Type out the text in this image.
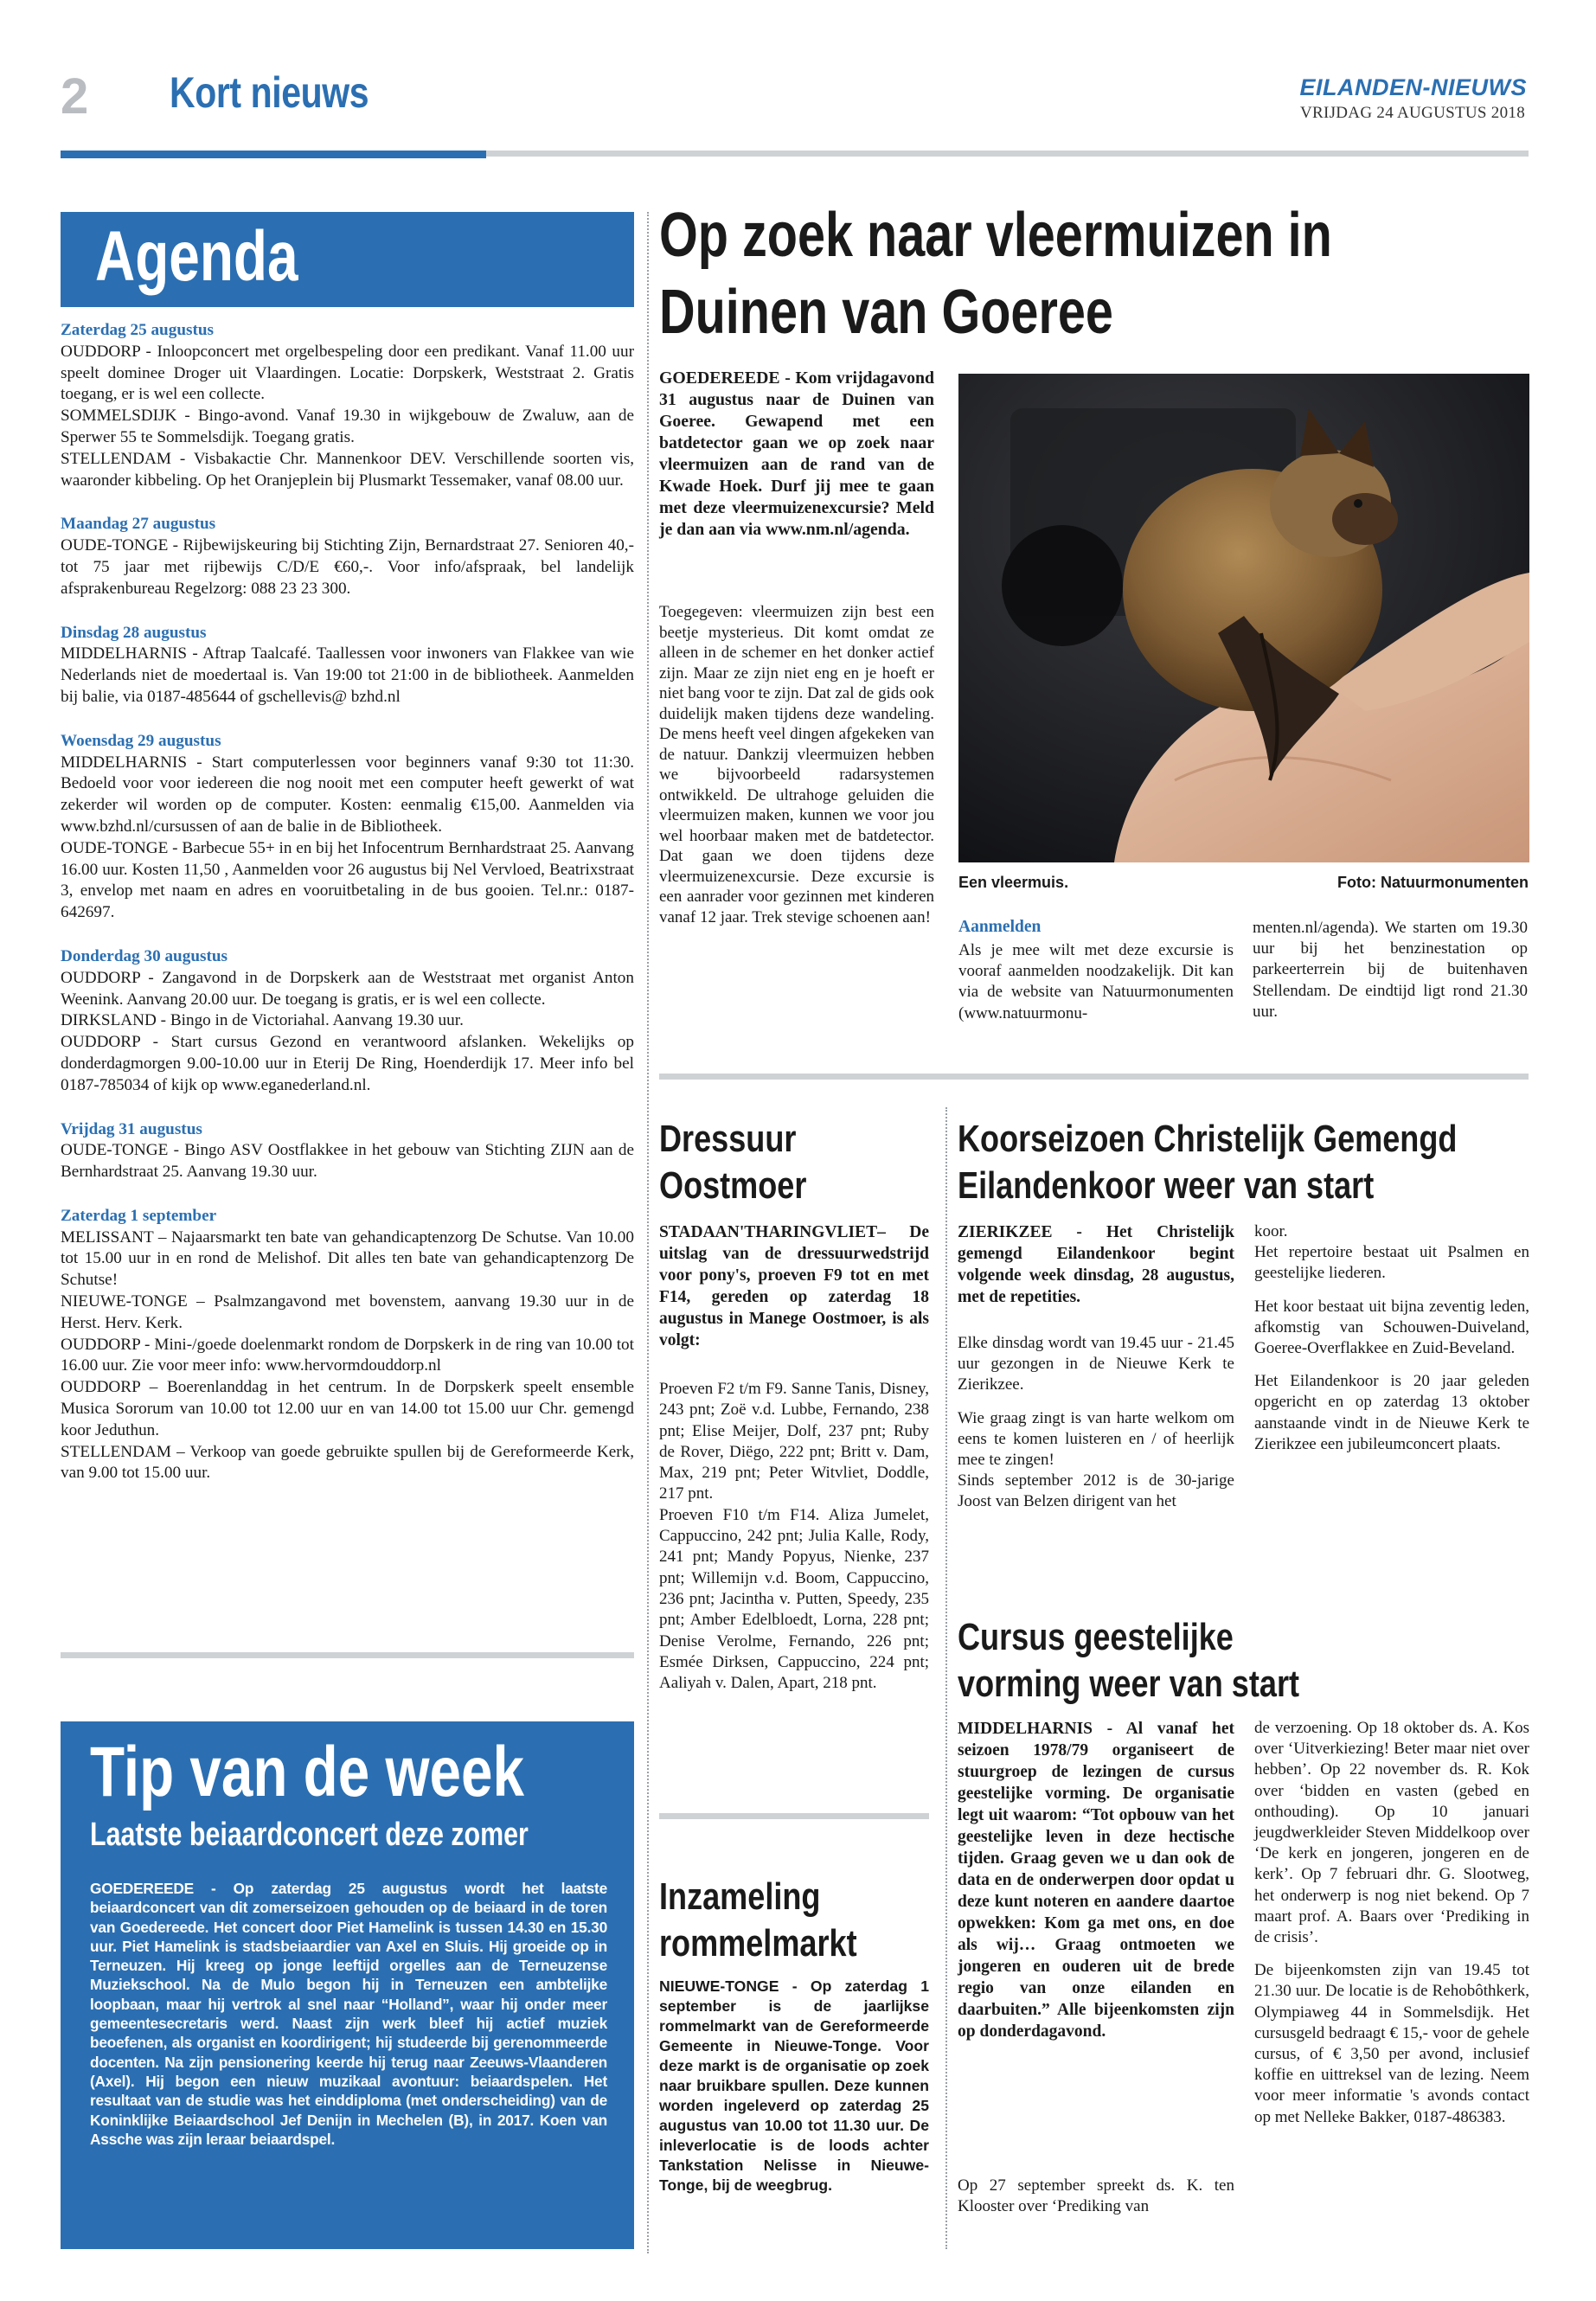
2 Kort nieuws	EILANDEN-NIEUWS
VRIJDAG 24 AUGUSTUS 2018
Agenda
Zaterdag 25 augustus
OUDDORP - Inloopconcert met orgelbespeling door een predikant. Vanaf 11.00 uur speelt dominee Droger uit Vlaardingen. Locatie: Dorpskerk, Weststraat 2. Gratis toegang, er is wel een collecte.
SOMMELSDIJK - Bingo-avond. Vanaf 19.30 in wijkgebouw de Zwaluw, aan de Sperwer 55 te Sommelsdijk. Toegang gratis.
STELLENDAM - Visbakactie Chr. Mannenkoor DEV. Verschillende soorten vis, waaronder kibbeling. Op het Oranjeplein bij Plusmarkt Tessemaker, vanaf 08.00 uur.
Maandag 27 augustus
OUDE-TONGE - Rijbewijskeuring bij Stichting Zijn, Bernardstraat 27. Senioren 40,- tot 75 jaar met rijbewijs C/D/E €60,-. Voor info/afspraak, bel landelijk afsprakenbureau Regelzorg: 088 23 23 300.
Dinsdag 28 augustus
MIDDELHARNIS - Aftrap Taalcafé. Taallessen voor inwoners van Flakkee van wie Nederlands niet de moedertaal is. Van 19:00 tot 21:00 in de bibliotheek. Aanmelden bij balie, via 0187-485644 of gschellevis@ bzhd.nl
Woensdag 29 augustus
MIDDELHARNIS - Start computerlessen voor beginners vanaf 9:30 tot 11:30. Bedoeld voor voor iedereen die nog nooit met een computer heeft gewerkt of wat zekerder wil worden op de computer. Kosten: eenmalig €15,00. Aanmelden via www.bzhd.nl/cursussen of aan de balie in de Bibliotheek.
OUDE-TONGE - Barbecue 55+ in en bij het Infocentrum Bernhardstraat 25. Aanvang 16.00 uur. Kosten 11,50 , Aanmelden voor 26 augustus bij Nel Vervloed, Beatrixstraat 3, envelop met naam en adres en vooruitbetaling in de bus gooien. Tel.nr.: 0187-642697.
Donderdag 30 augustus
OUDDORP - Zangavond in de Dorpskerk aan de Weststraat met organist Anton Weenink. Aanvang 20.00 uur. De toegang is gratis, er is wel een collecte.
DIRKSLAND - Bingo in de Victoriahal. Aanvang 19.30 uur.
OUDDORP - Start cursus Gezond en verantwoord afslanken. Wekelijks op donderdagmorgen 9.00-10.00 uur in Eterij De Ring, Hoenderdijk 17. Meer info bel 0187-785034 of kijk op www.eganederland.nl.
Vrijdag 31 augustus
OUDE-TONGE - Bingo ASV Oostflakkee in het gebouw van Stichting ZIJN aan de Bernhardstraat 25. Aanvang 19.30 uur.
Zaterdag 1 september
MELISSANT – Najaarsmarkt ten bate van gehandicaptenzorg De Schutse. Van 10.00 tot 15.00 uur in en rond de Melishof. Dit alles ten bate van gehandicaptenzorg De Schutse!
NIEUWE-TONGE – Psalmzangavond met bovenstem, aanvang 19.30 uur in de Herst. Herv. Kerk.
OUDDORP - Mini-/goede doelenmarkt rondom de Dorpskerk in de ring van 10.00 tot 16.00 uur. Zie voor meer info: www.hervormdouddorp.nl
OUDDORP – Boerenlanddag in het centrum. In de Dorpskerk speelt ensemble Musica Sororum van 10.00 tot 12.00 uur en van 14.00 tot 15.00 uur Chr. gemengd koor Jeduthun.
STELLENDAM – Verkoop van goede gebruikte spullen bij de Gereformeerde Kerk, van 9.00 tot 15.00 uur.
Tip van de week
Laatste beiaardconcert deze zomer
GOEDEREEDE - Op zaterdag 25 augustus wordt het laatste beiaardconcert van dit zomerseizoen gehouden op de beiaard in de toren van Goedereede. Het concert door Piet Hamelink is tussen 14.30 en 15.30 uur. Piet Hamelink is stadsbeiaardier van Axel en Sluis. Hij groeide op in Terneuzen. Hij kreeg op jonge leeftijd orgelles aan de Terneuzense Muziekschool. Na de Mulo begon hij in Terneuzen een ambtelijke loopbaan, maar hij vertrok al snel naar “Holland”, waar hij onder meer gemeentesecretaris werd. Naast zijn werk bleef hij actief muziek beoefenen, als organist en koordirigent; hij studeerde bij gerenommeerde docenten. Na zijn pensionering keerde hij terug naar Zeeuws-Vlaanderen (Axel). Hij begon een nieuw muzikaal avontuur: beiaardspelen. Het resultaat van de studie was het einddiploma (met onderscheiding) van de Koninklijke Beiaardschool Jef Denijn in Mechelen (B), in 2017. Koen van Assche was zijn leraar beiaardspel.
Op zoek naar vleermuizen in Duinen van Goeree
GOEDEREEDE - Kom vrijdagavond 31 augustus naar de Duinen van Goeree. Gewapend met een batdetector gaan we op zoek naar vleermuizen aan de rand van de Kwade Hoek. Durf jij mee te gaan met deze vleermuizenexcursie? Meld je dan aan via www.nm.nl/agenda.
Toegegeven: vleermuizen zijn best een beetje mysterieus. Dit komt omdat ze alleen in de schemer en het donker actief zijn. Maar ze zijn niet eng en je hoeft er niet bang voor te zijn. Dat zal de gids ook duidelijk maken tijdens deze wandeling. De mens heeft veel dingen afgekeken van de natuur. Dankzij vleermuizen hebben we bijvoorbeeld radarsystemen ontwikkeld. De ultrahoge geluiden die vleermuizen maken, kunnen we voor jou wel hoorbaar maken met de batdetector. Dat gaan we doen tijdens deze vleermuizenexcursie. Deze excursie is een aanrader voor gezinnen met kinderen vanaf 12 jaar. Trek stevige schoenen aan!
Een vleermuis.	Foto: Natuurmonumenten
Aanmelden
Als je mee wilt met deze excursie is vooraf aanmelden noodzakelijk. Dit kan via de website van Natuurmonumenten (www.natuurmonu-
menten.nl/agenda). We starten om 19.30 uur bij het benzinestation op parkeerterrein bij de buitenhaven Stellendam. De eindtijd ligt rond 21.30 uur.
Dressuur
Oostmoer
STADAAN'THARINGVLIET– De uitslag van de dressuurwedstrijd voor pony's, proeven F9 tot en met F14, gereden op zaterdag 18 augustus in Manege Oostmoer, is als volgt:

Proeven F2 t/m F9. Sanne Tanis, Disney, 243 pnt; Zoë v.d. Lubbe, Fernando, 238 pnt; Elise Meijer, Dolf, 237 pnt; Ruby de Rover, Diëgo, 222 pnt; Britt v. Dam, Max, 219 pnt; Peter Witvliet, Doddle, 217 pnt.

Proeven F10 t/m F14. Aliza Jumelet, Cappuccino, 242 pnt; Julia Kalle, Rody, 241 pnt; Mandy Popyus, Nienke, 237 pnt; Willemijn v.d. Boom, Cappuccino, 236 pnt; Jacintha v. Putten, Speedy, 235 pnt; Amber Edelbloedt, Lorna, 228 pnt; Denise Verolme, Fernando, 226 pnt; Esmée Dirksen, Cappuccino, 224 pnt; Aaliyah v. Dalen, Apart, 218 pnt.

Inzameling
rommelmarkt
NIEUWE-TONGE - Op zaterdag 1 september is de jaarlijkse rommelmarkt van de Gereformeerde Gemeente in Nieuwe-Tonge. Voor deze markt is de organisatie op zoek naar bruikbare spullen. Deze kunnen worden ingeleverd op zaterdag 25 augustus van 10.00 tot 11.30 uur. De inleverlocatie is de loods achter Tankstation Nelisse in Nieuwe-Tonge, bij de weegbrug.
Koorseizoen Christelijk Gemengd
Eilandenkoor weer van start
ZIERIKZEE - Het Christelijk gemengd Eilandenkoor begint volgende week dinsdag, 28 augustus, met de repetities.

Elke dinsdag wordt van 19.45 uur - 21.45 uur gezongen in de Nieuwe Kerk te Zierikzee.

Wie graag zingt is van harte welkom om eens te komen luisteren en / of heerlijk mee te zingen!

Sinds september 2012 is de 30-jarige Joost van Belzen dirigent van het

koor.

Het repertoire bestaat uit Psalmen en geestelijke liederen.

Het koor bestaat uit bijna zeventig leden, afkomstig van Schouwen-Duiveland, Goeree-Overflakkee en Zuid-Beveland.

Het Eilandenkoor is 20 jaar geleden opgericht en op zaterdag 13 oktober aanstaande vindt in de Nieuwe Kerk te Zierikzee een jubileumconcert plaats.

Cursus geestelijke
vorming weer van start
MIDDELHARNIS - Al vanaf het seizoen 1978/79 organiseert de stuurgroep de lezingen de cursus geestelijke vorming. De organisatie legt uit waarom: “Tot opbouw van het geestelijke leven in deze hectische tijden. Graag geven we u dan ook de data en de onderwerpen door opdat u deze kunt noteren en aandere daartoe opwekken: Kom ga met ons, en doe als wij… Graag ontmoeten we jongeren en ouderen uit de brede regio van onze eilanden en daarbuiten.” Alle bijeenkomsten zijn op donderdagavond.
Op 27 september spreekt ds. K. ten Klooster over ‘Prediking van

de verzoening. Op 18 oktober ds. A. Kos over ‘Uitverkiezing! Beter maar niet over hebben’. Op 22 november ds. R. Kok over ‘bidden en vasten (gebed en onthouding). Op 10 januari jeugdwerkleider Steven Middelkoop over ‘De kerk en jongeren, jongeren en de kerk’. Op 7 februari dhr. G. Slootweg, het onderwerp is nog niet bekend. Op 7 maart prof. A. Baars over ‘Prediking in de crisis’.

De bijeenkomsten zijn van 19.45 tot 21.30 uur. De locatie is de Rehobôthkerk, Olympiaweg 44 in Sommelsdijk. Het cursusgeld bedraagt € 15,- voor de gehele cursus, of € 3,50 per avond, inclusief koffie en uittreksel van de lezing. Neem voor meer informatie 's avonds contact op met Nelleke Bakker, 0187-486383.
